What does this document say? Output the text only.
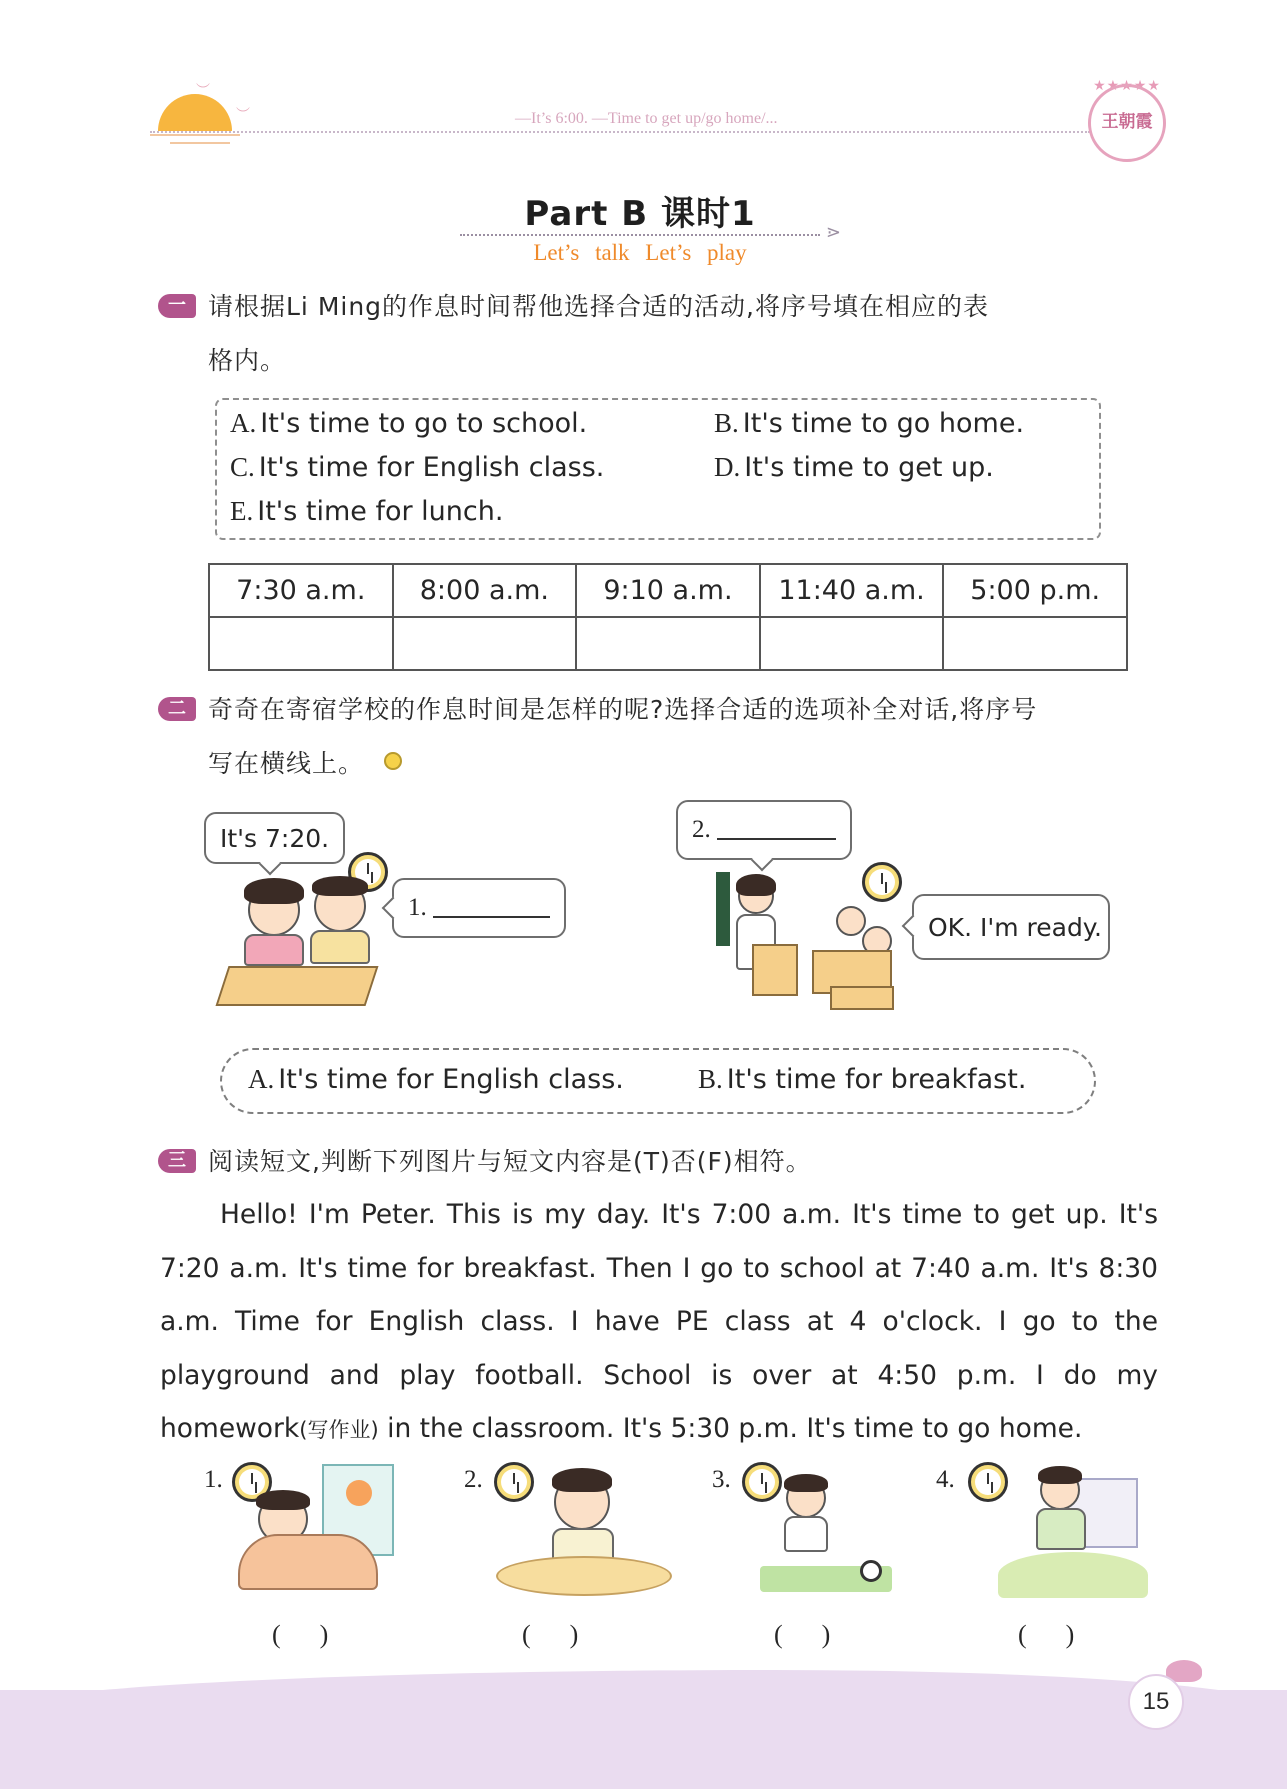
︶
︶	—It’s 6:00. —Time to get up/go home/...
★★★★★
王朝霞
Part B 课时1	⋗
Let’s talk Let’s play
一 请根据Li Ming的作息时间帮他选择合适的活动,将序号填在相应的表
格内。
A. It's time to go to school.	B. It's time to go home.
C. It's time for English class.	D. It's time to get up.
E. It's time for lunch.
7:30 a.m.	8:00 a.m.	9:10 a.m.	11:40 a.m.	5:00 p.m.

二 奇奇在寄宿学校的作息时间是怎样的呢?选择合适的选项补全对话,将序号
写在横线上。
It's 7:20.
1.
2.
OK. I'm ready.
A. It's time for English class.	B. It's time for breakfast.
三 阅读短文,判断下列图片与短文内容是(T)否(F)相符。
Hello! I'm Peter. This is my day. It's 7:00 a.m. It's time to get up. It's 7:20 a.m. It's time for breakfast. Then I go to school at 7:40 a.m. It's 8:30 a.m. Time for English class. I have PE class at 4 o'clock. I go to the playground and play football. School is over at 4:50 p.m. I do my homework(写作业) in the classroom. It's 5:30 p.m. It's time to go home.
1.	2.	3.	4.
(      )	(      )	(      )	(      )
15
